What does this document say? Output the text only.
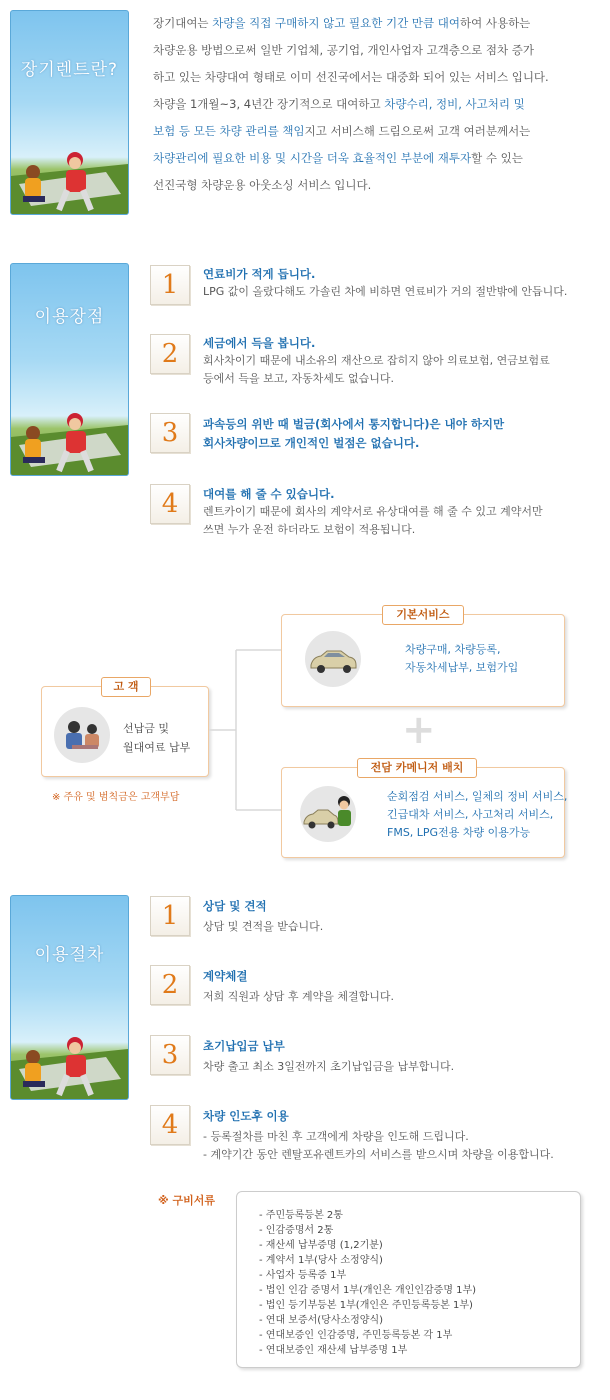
장기렌트란?

장기대여는 차량을 직접 구매하지 않고 필요한 기간 만큼 대여하여 사용하는

차량운용 방법으로써 일반 기업체, 공기업, 개인사업자 고객층으로 점차 증가

하고 있는 차량대여 형태로 이미 선진국에서는 대중화 되어 있는 서비스 입니다.

차량을 1개월~3, 4년간 장기적으로 대여하고 차량수리, 정비, 사고처리 및

보험 등 모든 차량 관리를 책임지고 서비스해 드림으로써 고객 여러분께서는

차량관리에 필요한 비용 및 시간을 더욱 효율적인 부분에 재투자할 수 있는

선진국형 차량운용 아웃소싱 서비스 입니다.

이용장점
1	연료비가 적게 듭니다.
LPG 값이 올랐다해도 가솔린 차에 비하면 연료비가 거의 절반밖에 안듭니다.
2	세금에서 득을 봅니다.
회사차이기 때문에 내소유의 재산으로 잡히지 않아 의료보험, 연금보험료
등에서 득을 보고, 자동차세도 없습니다.
3	과속등의 위반 때 벌금(회사에서 통지합니다)은 내야 하지만
회사차량이므로 개인적인 벌점은 없습니다.
4	대여를 해 줄 수 있습니다.
렌트카이기 때문에 회사의 계약서로 유상대여를 해 줄 수 있고 계약서만
쓰면 누가 운전 하더라도 보험이 적용됩니다.
고 객
선납금 및
월대여료 납부
※ 주유 및 범칙금은 고객부담
기본서비스
차량구매, 차량등록,
자동차세납부, 보험가입
+
전담 카메니저 배치
순회점검 서비스, 일체의 정비 서비스,
긴급대차 서비스, 사고처리 서비스,
FMS, LPG전용 차량 이용가능
이용절차
1	상담 및 견적
상담 및 견적을 받습니다.
2	계약체결
저희 직원과 상담 후 계약을 체결합니다.
3	초기납입금 납부
차량 출고 최소 3일전까지 초기납입금을 납부합니다.
4	차량 인도후 이용
- 등록절차를 마친 후 고객에게 차량을 인도해 드립니다.
- 계약기간 동안 렌탈포유렌트카의 서비스를 받으시며 차량을 이용합니다.
※ 구비서류
- 주민등록등본 2통
- 인감증명서 2통
- 재산세 납부증명 (1,2기분)
- 계약서 1부(당사 소정양식)
- 사업자 등록증 1부
- 법인 인감 증명서 1부(개인은 개인인감증명 1부)
- 법인 등기부등본 1부(개인은 주민등록등본 1부)
- 연대 보증서(당사소정양식)
- 연대보증인 인감증명, 주민등록등본 각 1부
- 연대보증인 재산세 납부증명 1부
